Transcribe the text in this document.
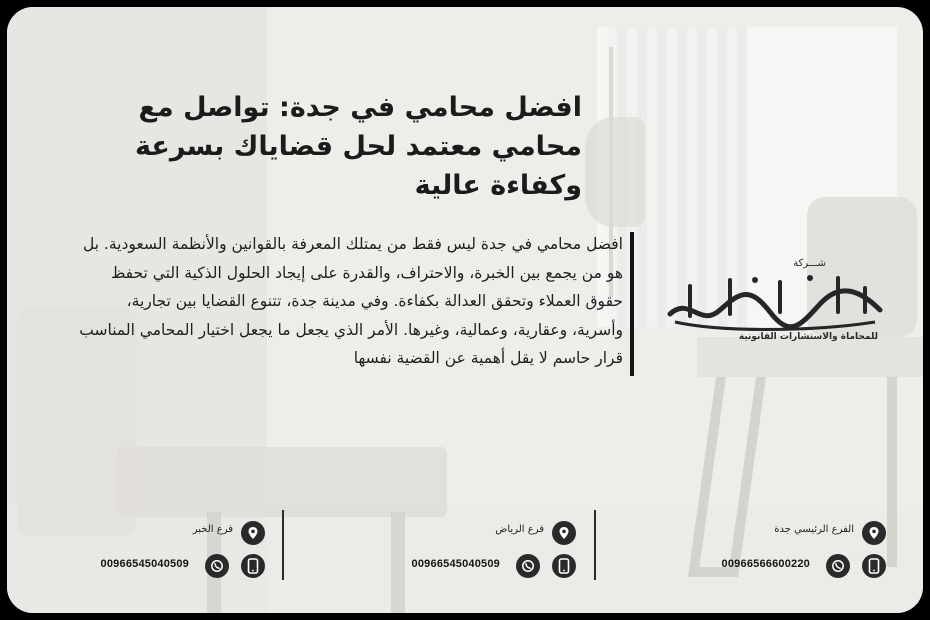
افضل محامي في جدة: تواصل مع محامي معتمد لحل قضاياك بسرعة وكفاءة عالية

افضل محامي في جدة ليس فقط من يمتلك المعرفة بالقوانين والأنظمة السعودية. بل هو من يجمع بين الخبرة، والاحتراف، والقدرة على إيجاد الحلول الذكية التي تحفظ حقوق العملاء وتحقق العدالة بكفاءة. وفي مدينة جدة، تتنوع القضايا بين تجارية، وأسرية، وعقارية، وعمالية، وغيرها. الأمر الذي يجعل ما يجعل اختيار المحامي المناسب قرار حاسم لا يقل أهمية عن القضية نفسها

شـــركة
للمحاماة والاستشارات القانونية
الفرع الرئيسي جدة
00966566600220
فرع الرياض
00966545040509
فرع الخبر
00966545040509
